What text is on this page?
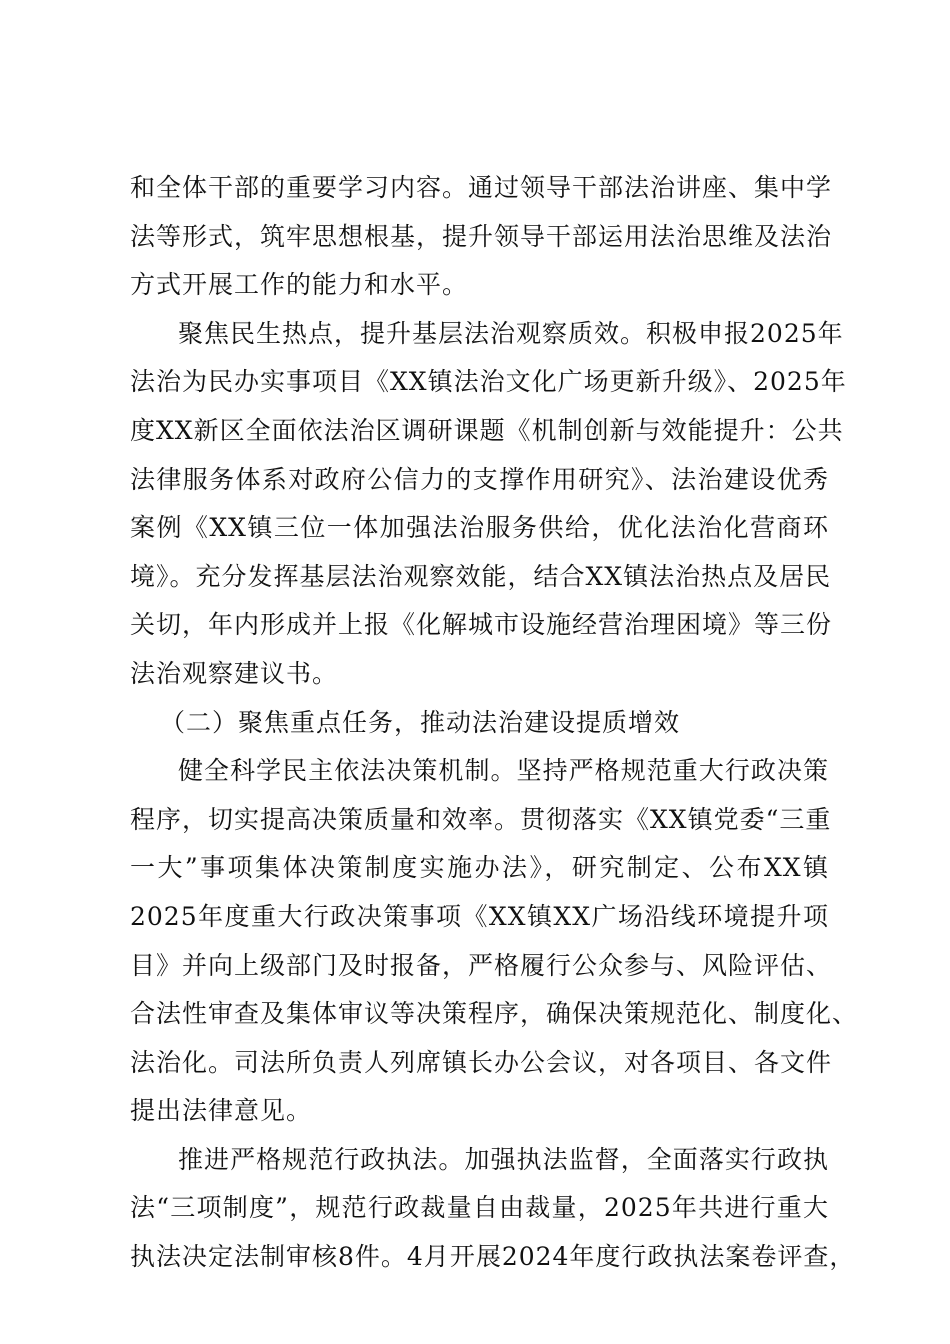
和全体干部的重要学习内容。通过领导干部法治讲座、集中学
法等形式，筑牢思想根基，提升领导干部运用法治思维及法治
方式开展工作的能力和水平。
聚焦民生热点，提升基层法治观察质效。积极申报2025年
法治为民办实事项目《XX镇法治文化广场更新升级》、2025年
度XX新区全面依法治区调研课题《机制创新与效能提升：公共
法律服务体系对政府公信力的支撑作用研究》、法治建设优秀
案例《XX镇三位一体加强法治服务供给，优化法治化营商环
境》。充分发挥基层法治观察效能，结合XX镇法治热点及居民
关切，年内形成并上报《化解城市设施经营治理困境》等三份
法治观察建议书。
（二）聚焦重点任务，推动法治建设提质增效
健全科学民主依法决策机制。坚持严格规范重大行政决策
程序，切实提高决策质量和效率。贯彻落实《XX镇党委“三重
一大”事项集体决策制度实施办法》，研究制定、公布XX镇
2025年度重大行政决策事项《XX镇XX广场沿线环境提升项
目》并向上级部门及时报备，严格履行公众参与、风险评估、
合法性审查及集体审议等决策程序，确保决策规范化、制度化、
法治化。司法所负责人列席镇长办公会议，对各项目、各文件
提出法律意见。
推进严格规范行政执法。加强执法监督，全面落实行政执
法“三项制度”，规范行政裁量自由裁量，2025年共进行重大
执法决定法制审核8件。4月开展2024年度行政执法案卷评查，
